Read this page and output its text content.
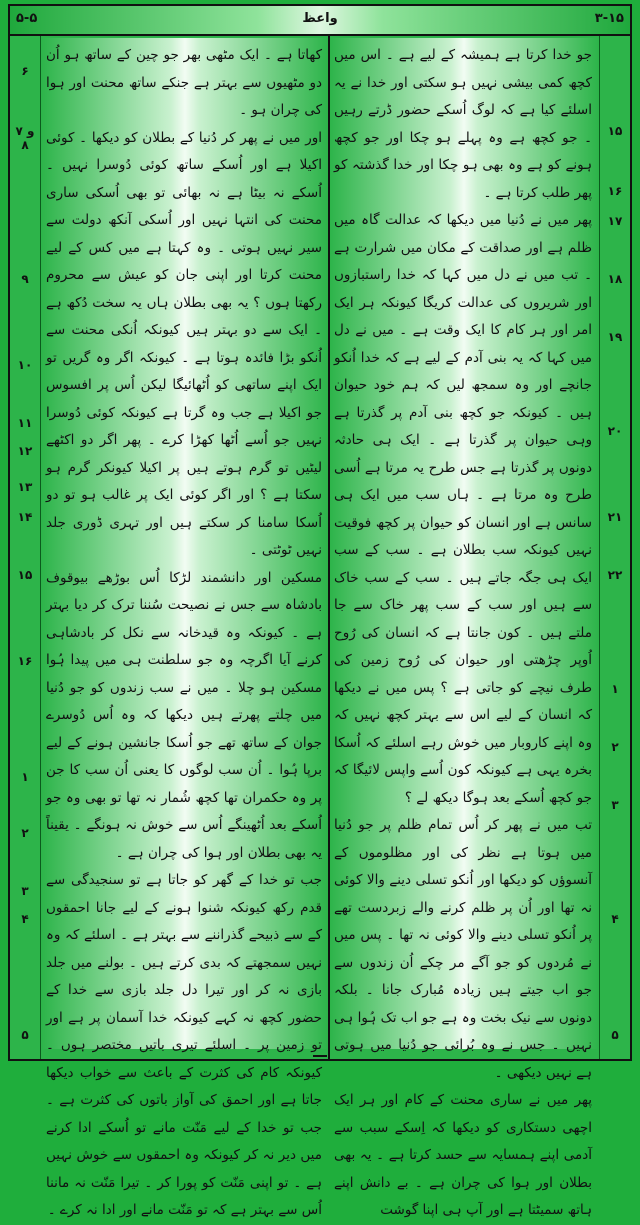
۳-۱۵
واعظ
۵-۵

جو خدا کرتا ہے ہمیشہ کے لیے ہے ۔ اس میں کچھ کمی بیشی نہیں ہو سکتی اور خدا نے یہ اسلئے کیا ہے کہ لوگ اُسکے حضور ڈرتے رہیں ۔ جو کچھ ہے وہ پہلے ہو چکا اور جو کچھ ہونے کو ہے وہ بھی ہو چکا اور خدا گذشتہ کو پھر طلب کرتا ہے ۔

پھر میں نے دُنیا میں دیکھا کہ عدالت گاہ میں ظلم ہے اور صداقت کے مکان میں شرارت ہے ۔ تب میں نے دل میں کہا کہ خدا راستبازوں اور شریروں کی عدالت کریگا کیونکہ ہر ایک امر اور ہر کام کا ایک وقت ہے ۔ میں نے دل میں کہا کہ یہ بنی آدم کے لیے ہے کہ خدا اُنکو جانچے اور وہ سمجھ لیں کہ ہم خود حیوان ہیں ۔ کیونکہ جو کچھ بنی آدم پر گذرتا ہے وہی حیوان پر گذرتا ہے ۔ ایک ہی حادثہ دونوں پر گذرتا ہے جس طرح یہ مرتا ہے اُسی طرح وہ مرتا ہے ۔ ہاں سب میں ایک ہی سانس ہے اور انسان کو حیوان پر کچھ فوقیت نہیں کیونکہ سب بطلان ہے ۔ سب کے سب ایک ہی جگہ جاتے ہیں ۔ سب کے سب خاک سے ہیں اور سب کے سب پھر خاک سے جا ملتے ہیں ۔ کون جانتا ہے کہ انسان کی رُوح اُوپر چڑھتی اور حیوان کی رُوح زمین کی طرف نیچے کو جاتی ہے ؟ پس میں نے دیکھا کہ انسان کے لیے اس سے بہتر کچھ نہیں کہ وہ اپنے کاروبار میں خوش رہے اسلئے کہ اُسکا بخرہ یہی ہے کیونکہ کون اُسے واپس لائیگا کہ جو کچھ اُسکے بعد ہوگا دیکھ لے ؟

تب میں نے پھر کر اُس تمام ظلم پر جو دُنیا میں ہوتا ہے نظر کی اور مظلوموں کے آنسوؤں کو دیکھا اور اُنکو تسلی دینے والا کوئی نہ تھا اور اُن پر ظلم کرنے والے زبردست تھے پر اُنکو تسلی دینے والا کوئی نہ تھا ۔ پس میں نے مُردوں کو جو آگے مر چکے اُن زندوں سے جو اب جیتے ہیں زیادہ مُبارک جانا ۔ بلکہ دونوں سے نیک بخت وہ ہے جو اب تک ہُوا ہی نہیں ۔ جس نے وہ بُرائی جو دُنیا میں ہوتی ہے نہیں دیکھی ۔

پھر میں نے ساری محنت کے کام اور ہر ایک اچھی دستکاری کو دیکھا کہ اِسکے سبب سے آدمی اپنے ہمسایہ سے حسد کرتا ہے ۔ یہ بھی بطلان اور ہوا کی چران ہے ۔ بے دانش اپنے ہاتھ سمیٹتا ہے اور آپ ہی اپنا گوشت

کھاتا ہے ۔ ایک مٹھی بھر جو چین کے ساتھ ہو اُن دو مٹھیوں سے بہتر ہے جنکے ساتھ محنت اور ہوا کی چران ہو ۔

اور میں نے پھر کر دُنیا کے بطلان کو دیکھا ۔ کوئی اکیلا ہے اور اُسکے ساتھ کوئی دُوسرا نہیں ۔ اُسکے نہ بیٹا ہے نہ بھائی تو بھی اُسکی ساری محنت کی انتہا نہیں اور اُسکی آنکھ دولت سے سیر نہیں ہوتی ۔ وہ کہتا ہے میں کس کے لیے محنت کرتا اور اپنی جان کو عیش سے محروم رکھتا ہوں ؟ یہ بھی بطلان ہاں یہ سخت دُکھ ہے ۔ ایک سے دو بہتر ہیں کیونکہ اُنکی محنت سے اُنکو بڑا فائدہ ہوتا ہے ۔ کیونکہ اگر وہ گریں تو ایک اپنے ساتھی کو اُٹھائیگا لیکن اُس پر افسوس جو اکیلا ہے جب وہ گرتا ہے کیونکہ کوئی دُوسرا نہیں جو اُسے اُٹھا کھڑا کرے ۔ پھر اگر دو اکٹھے لیٹیں تو گرم ہوتے ہیں پر اکیلا کیونکر گرم ہو سکتا ہے ؟ اور اگر کوئی ایک پر غالب ہو تو دو اُسکا سامنا کر سکتے ہیں اور تہری ڈوری جلد نہیں ٹوٹتی ۔

مسکین اور دانشمند لڑکا اُس بوڑھے بیوقوف بادشاہ سے جس نے نصیحت سُننا ترک کر دیا بہتر ہے ۔ کیونکہ وہ قیدخانہ سے نکل کر بادشاہی کرنے آیا اگرچہ وہ جو سلطنت ہی میں پیدا ہُوا مسکین ہو چلا ۔ میں نے سب زندوں کو جو دُنیا میں چلتے پھرتے ہیں دیکھا کہ وہ اُس دُوسرے جوان کے ساتھ تھے جو اُسکا جانشین ہونے کے لیے برپا ہُوا ۔ اُن سب لوگوں کا یعنی اُن سب کا جن پر وہ حکمران تھا کچھ شُمار نہ تھا تو بھی وہ جو اُسکے بعد اُٹھینگے اُس سے خوش نہ ہونگے ۔ یقیناً یہ بھی بطلان اور ہوا کی چران ہے ۔

جب تو خدا کے گھر کو جاتا ہے تو سنجیدگی سے قدم رکھ کیونکہ شنوا ہونے کے لیے جانا احمقوں کے سے ذبیحے گذراننے سے بہتر ہے ۔ اسلئے کہ وہ نہیں سمجھتے کہ بدی کرتے ہیں ۔ بولنے میں جلد بازی نہ کر اور تیرا دل جلد بازی سے خدا کے حضور کچھ نہ کہے کیونکہ خدا آسمان پر ہے اور تو زمین پر ۔ اسلئے تیری باتیں مختصر ہوں ۔ کیونکہ کام کی کثرت کے باعث سے خواب دیکھا جاتا ہے اور احمق کی آواز باتوں کی کثرت ہے ۔ جب تو خدا کے لیے مَنّت مانے تو اُسکے ادا کرنے میں دیر نہ کر کیونکہ وہ احمقوں سے خوش نہیں ہے ۔ تو اپنی مَنّت کو پورا کر ۔ تیرا مَنّت نہ ماننا اُس سے بہتر ہے کہ تو مَنّت مانے اور ادا نہ کرے ۔

۱۵
۱۶
۱۷
۱۸
۱۹
۲۰
۲۱
۲۲
۱
۲
۳
۴
۵
۶
۷ و ۸
۹
۱۰
۱۱
۱۲
۱۳
۱۴
۱۵
۱۶
۱
۲
۳
۴
۵
